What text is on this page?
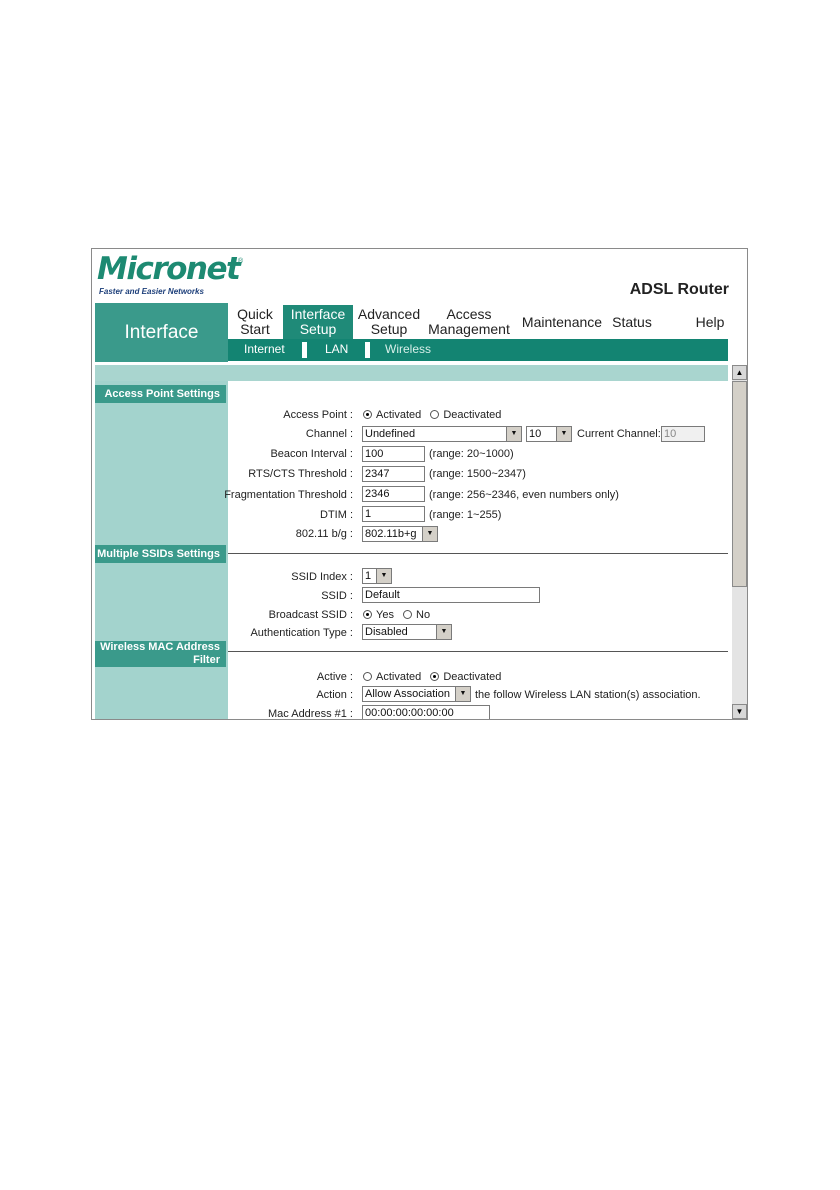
Micronet
®
Faster and Easier Networks	ADSL Router
Interface
Quick
Start
Interface
Setup
Advanced
Setup
Access
Management Maintenance Status	Help
Internet	LAN	Wireless
Access Point Settings
Access Point :	Activated Deactivated
Channel : Undefined	▼	10	▼ Current Channel: 10
Beacon Interval : 100	(range: 20~1000)
RTS/CTS Threshold : 2347	(range: 1500~2347)
Fragmentation Threshold : 2346	(range: 256~2346, even numbers only)
DTIM : 1	(range: 1~255)
802.11 b/g : 802.11b+g	▼
Multiple SSIDs Settings
SSID Index : 1	▼
SSID : Default
Broadcast SSID :	Yes No
Authentication Type : Disabled	▼
Wireless MAC Address
Filter
Active :	Activated Deactivated
Action : Allow Association	▼ the follow Wireless LAN station(s) association.
Mac Address #1 : 00:00:00:00:00:00
▲
▼
